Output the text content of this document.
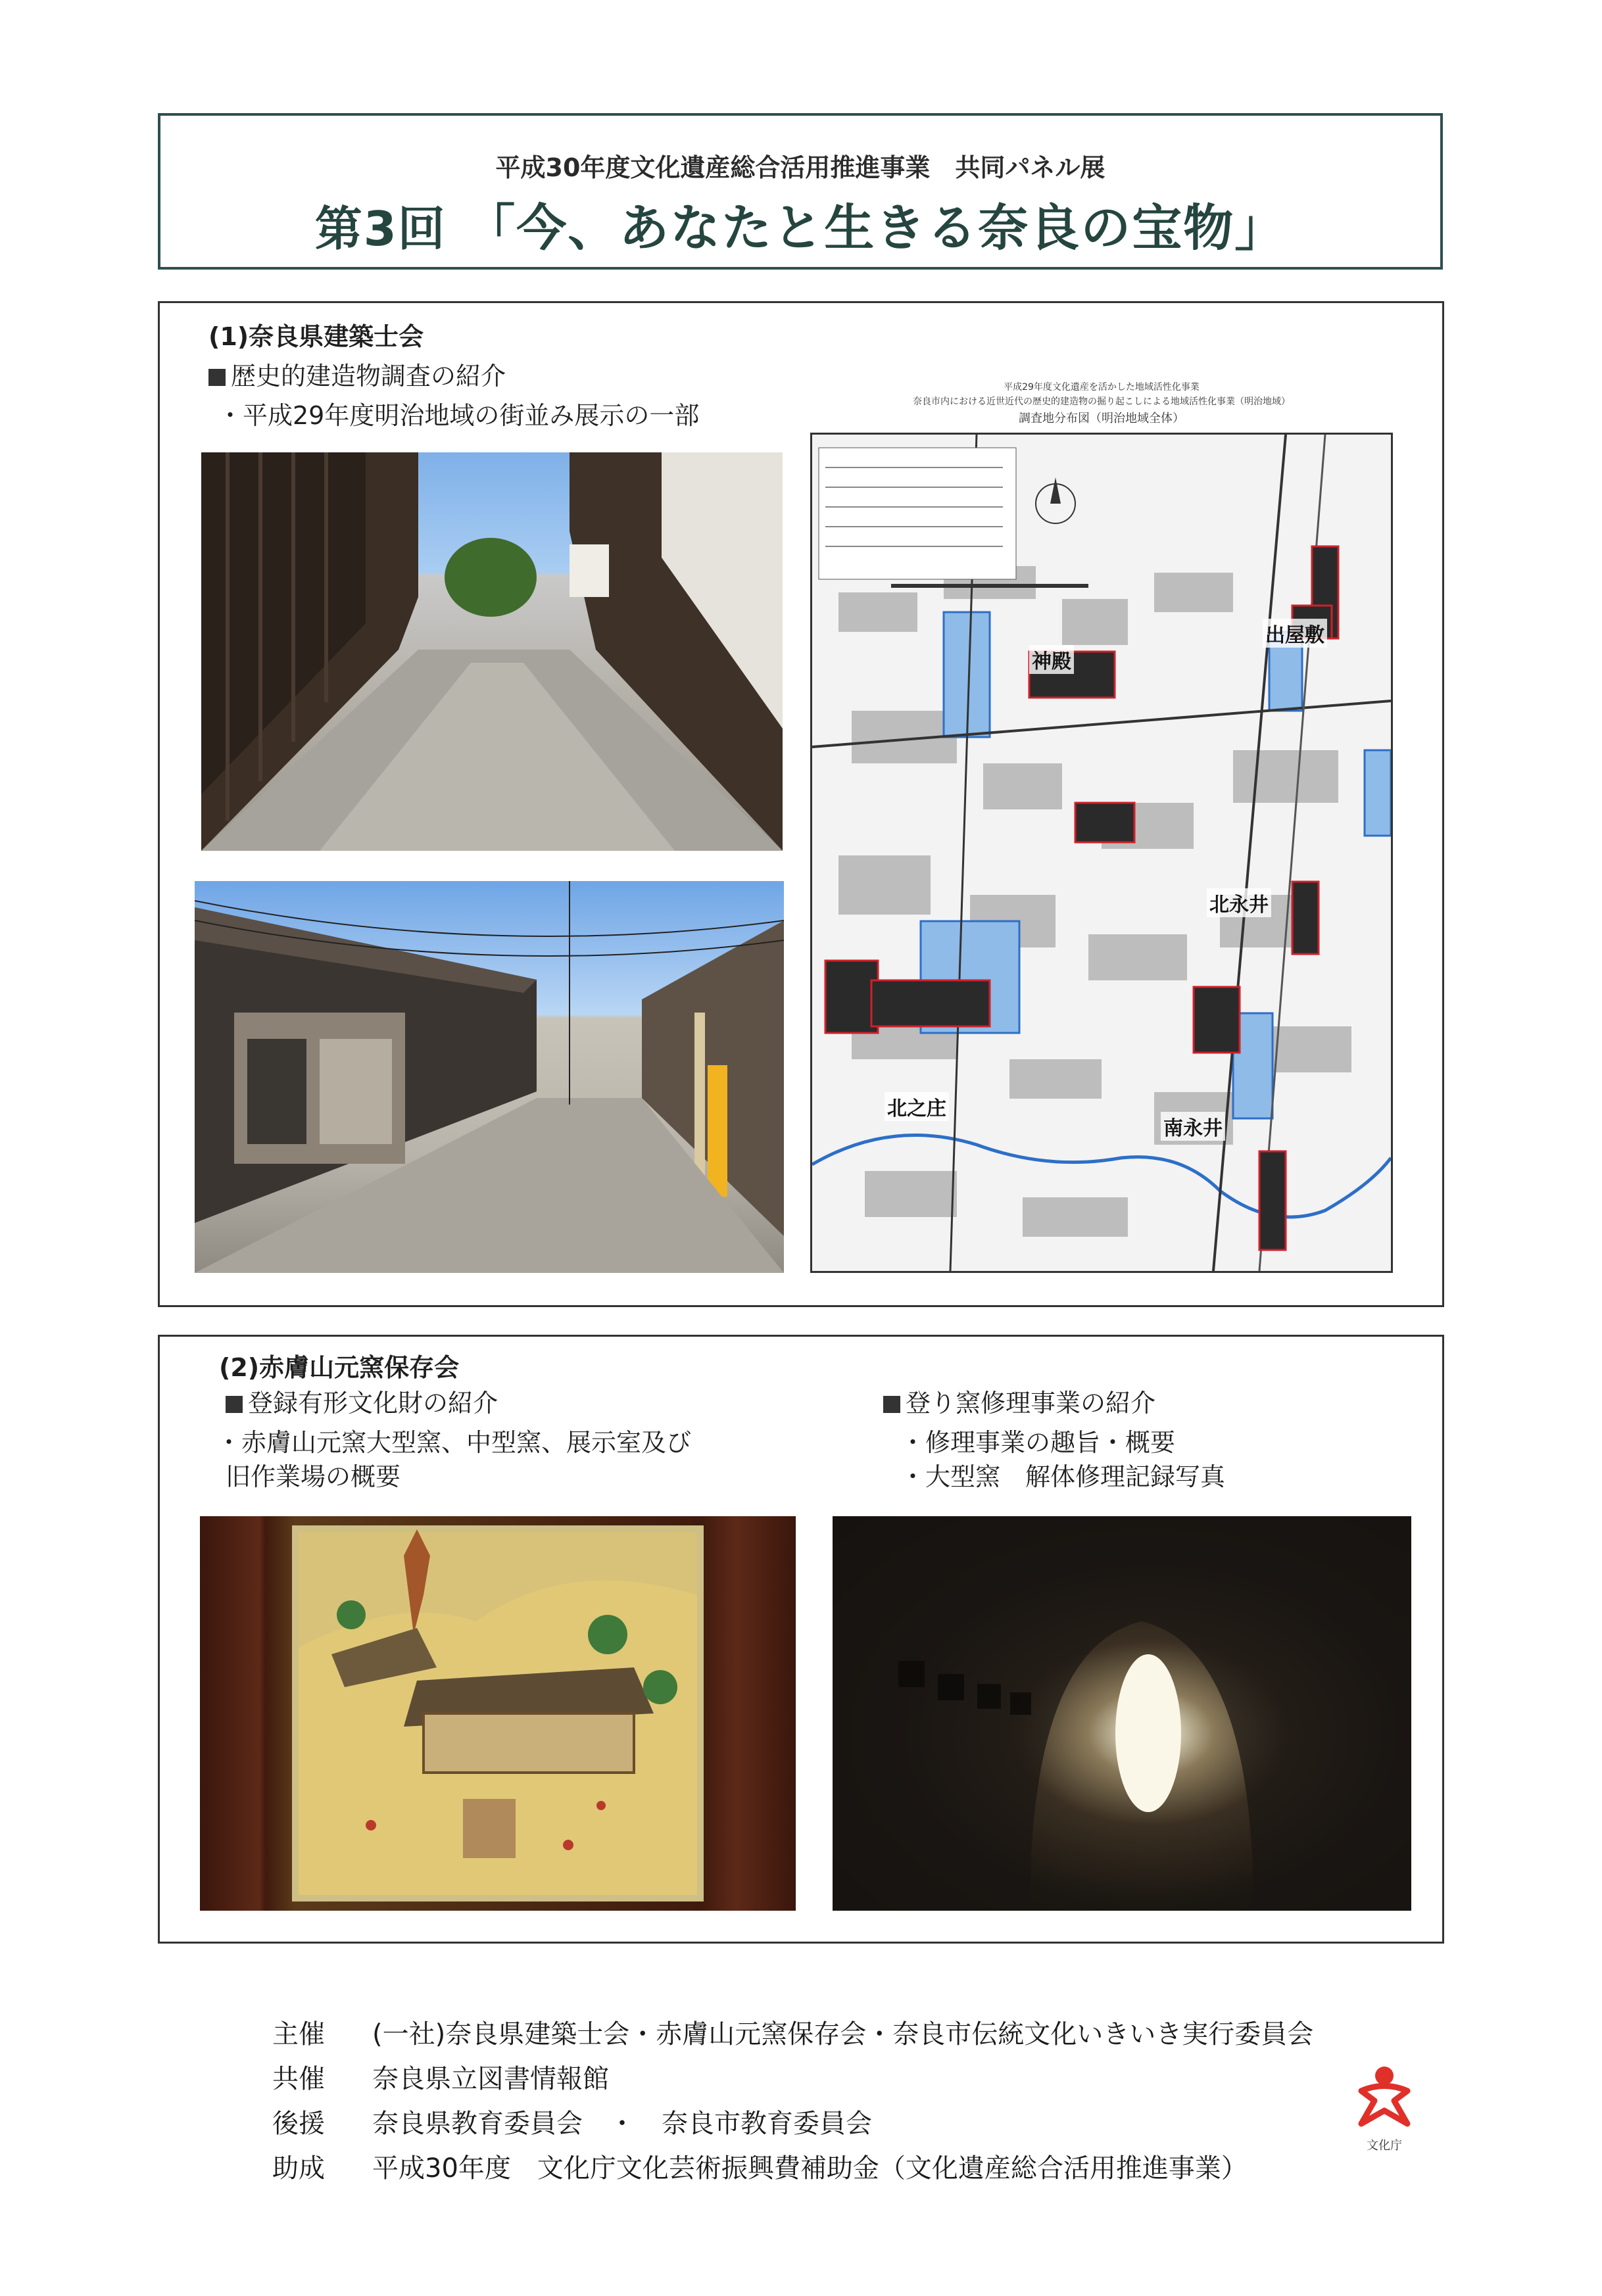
平成30年度文化遺産総合活用推進事業　共同パネル展
第3回 「今、あなたと生きる奈良の宝物」
(1)奈良県建築士会
歴史的建造物調査の紹介
・平成29年度明治地域の街並み展示の一部
出屋敷
神殿
北永井
北之庄
南永井
平成29年度文化遺産を活かした地域活性化事業
奈良市内における近世近代の歴史的建造物の掘り起こしによる地域活性化事業（明治地域）
調査地分布図（明治地域全体）
(2)赤膚山元窯保存会
登録有形文化財の紹介
・赤膚山元窯大型窯、中型窯、展示室及び
旧作業場の概要
登り窯修理事業の紹介
・修理事業の趣旨・概要
・大型窯　解体修理記録写真
主催 (一社)奈良県建築士会・赤膚山元窯保存会・奈良市伝統文化いきいき実行委員会
共催 奈良県立図書情報館
後援 奈良県教育委員会　・　奈良市教育委員会
助成 平成30年度　文化庁文化芸術振興費補助金（文化遺産総合活用推進事業）
文化庁
